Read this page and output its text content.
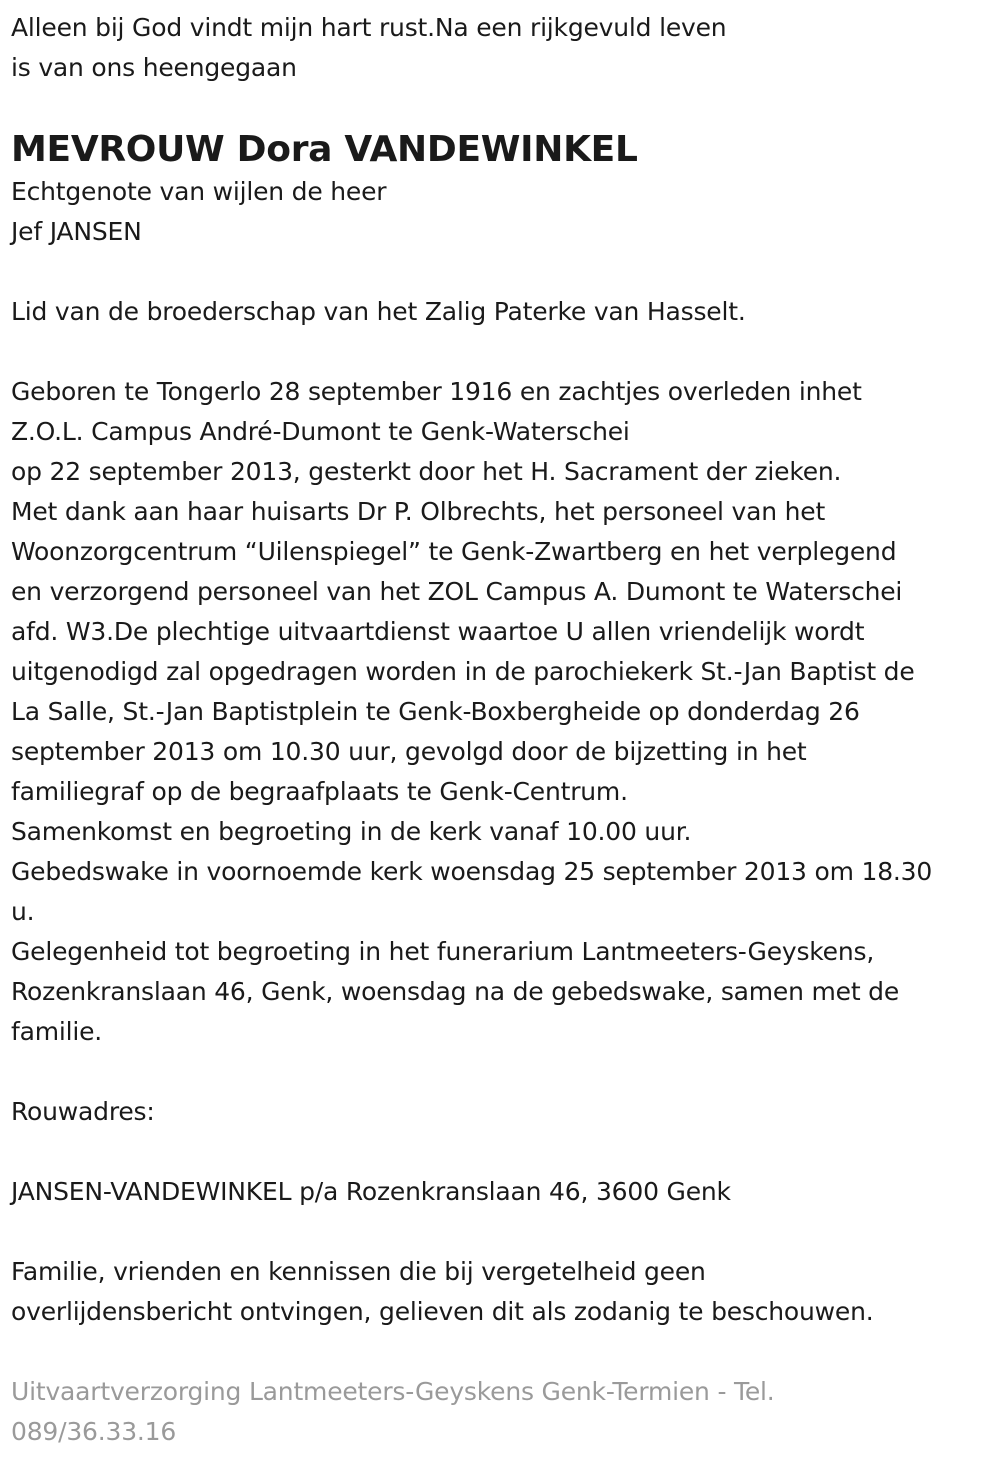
Alleen bij God vindt mijn hart rust.Na een rijkgevuld leven
is van ons heengegaan
MEVROUW Dora VANDEWINKEL
Echtgenote van wijlen de heer
Jef JANSEN
Lid van de broederschap van het Zalig Paterke van Hasselt.
Geboren te Tongerlo 28 september 1916 en zachtjes overleden inhet
Z.O.L. Campus André-Dumont te Genk-Waterschei
op 22 september 2013, gesterkt door het H. Sacrament der zieken.
Met dank aan haar huisarts Dr P. Olbrechts, het personeel van het
Woonzorgcentrum “Uilenspiegel” te Genk-Zwartberg en het verplegend
en verzorgend personeel van het ZOL Campus A. Dumont te Waterschei
afd. W3.De plechtige uitvaartdienst waartoe U allen vriendelijk wordt
uitgenodigd zal opgedragen worden in de parochiekerk St.-Jan Baptist de
La Salle, St.-Jan Baptistplein te Genk-Boxbergheide op donderdag 26
september 2013 om 10.30 uur, gevolgd door de bijzetting in het
familiegraf op de begraafplaats te Genk-Centrum.
Samenkomst en begroeting in de kerk vanaf 10.00 uur.
Gebedswake in voornoemde kerk woensdag 25 september 2013 om 18.30
u.
Gelegenheid tot begroeting in het funerarium Lantmeeters-Geyskens,
Rozenkranslaan 46, Genk, woensdag na de gebedswake, samen met de
familie.
Rouwadres:
JANSEN-VANDEWINKEL p/a Rozenkranslaan 46, 3600 Genk
Familie, vrienden en kennissen die bij vergetelheid geen
overlijdensbericht ontvingen, gelieven dit als zodanig te beschouwen.
Uitvaartverzorging Lantmeeters-Geyskens Genk-Termien - Tel.
089/36.33.16
